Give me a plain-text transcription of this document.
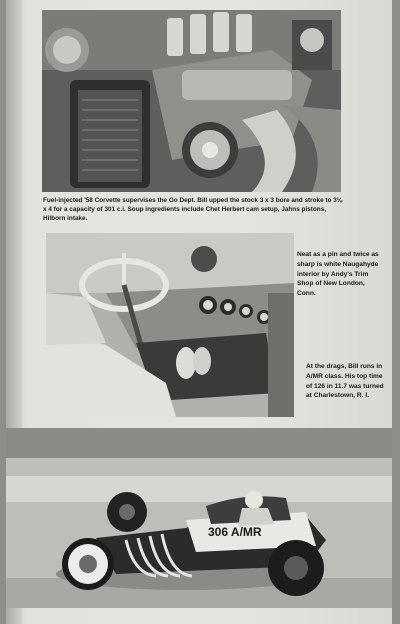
Fuel-injected '58 Corvette supervises the Go Dept. Bill upped the stock 3 x 3 bore and stroke to 3⅛ x 4 for a capacity of 301 c.i. Soup ingredients include Chet Herbert cam setup, Jahns pistons, Hilborn intake.

Neat as a pin and twice as sharp is white Naugahyde interior by Andy's Trim Shop of New London, Conn.

At the drags, Bill runs in A/MR class. His top time of 126 in 11.7 was turned at Charlestown, R. I.

306 A/MR
